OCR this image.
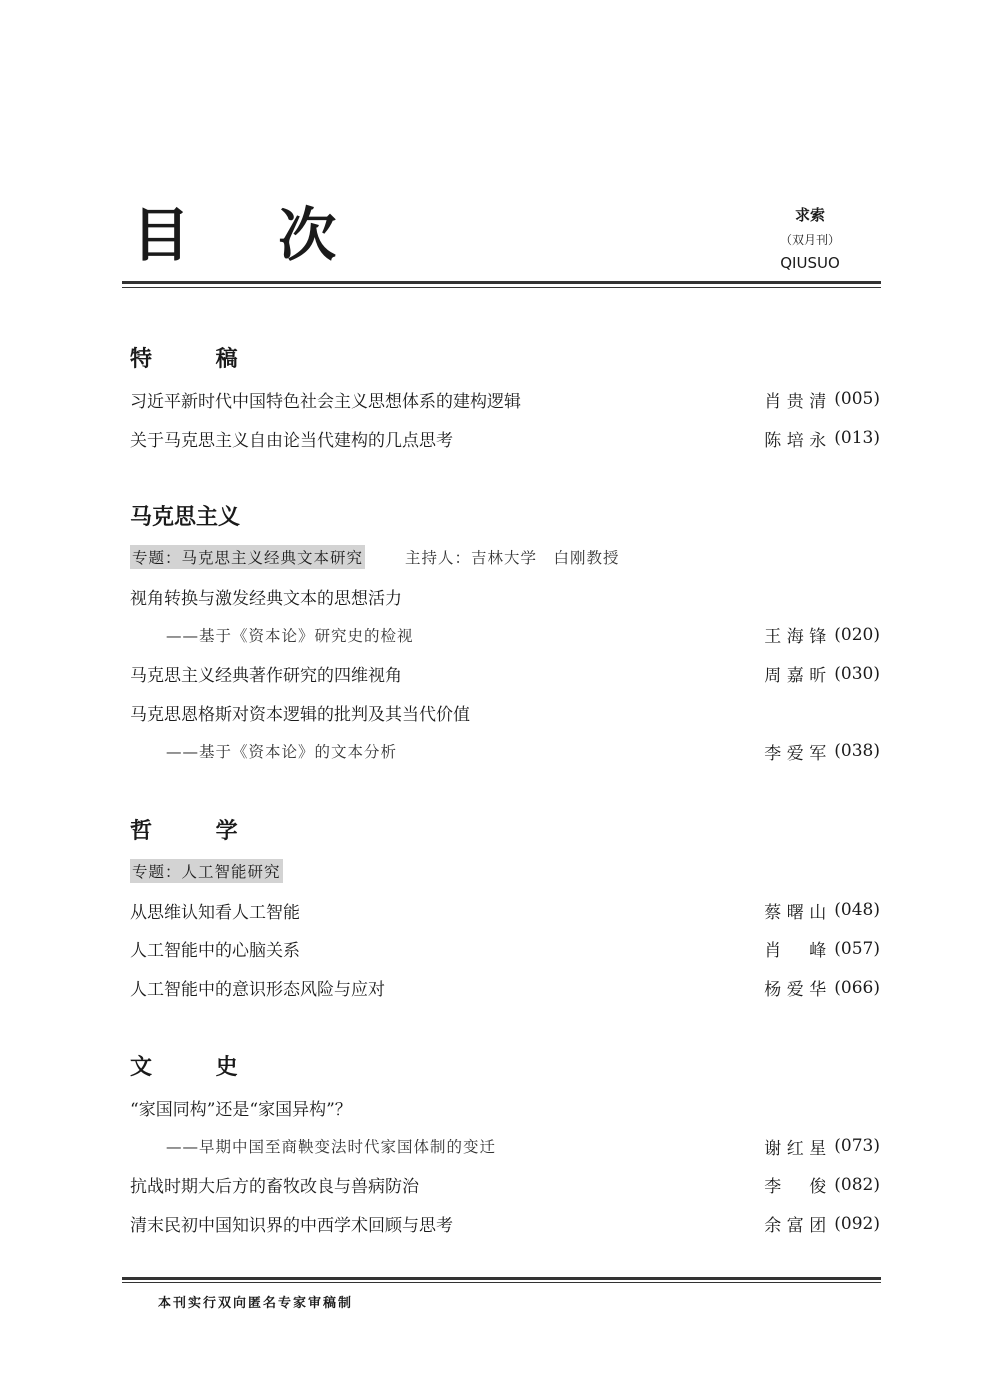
目 次	求索
（双月刊）
QIUSUO
特 稿
习近平新时代中国特色社会主义思想体系的建构逻辑	肖贵清 (005)
关于马克思主义自由论当代建构的几点思考	陈培永 (013)
马克思主义
专题：马克思主义经典文本研究	主持人：吉林大学　白刚教授
视角转换与激发经典文本的思想活力
——基于《资本论》研究史的检视	王海锋 (020)
马克思主义经典著作研究的四维视角	周嘉昕 (030)
马克思恩格斯对资本逻辑的批判及其当代价值
——基于《资本论》的文本分析	李爱军 (038)
哲 学
专题：人工智能研究
从思维认知看人工智能	蔡曙山 (048)
人工智能中的心脑关系	肖峰 (057)
人工智能中的意识形态风险与应对	杨爱华 (066)
文 史
“家国同构”还是“家国异构”？
——早期中国至商鞅变法时代家国体制的变迁	谢红星 (073)
抗战时期大后方的畜牧改良与兽病防治	李俊 (082)
清末民初中国知识界的中西学术回顾与思考	余富团 (092)
本刊实行双向匿名专家审稿制
